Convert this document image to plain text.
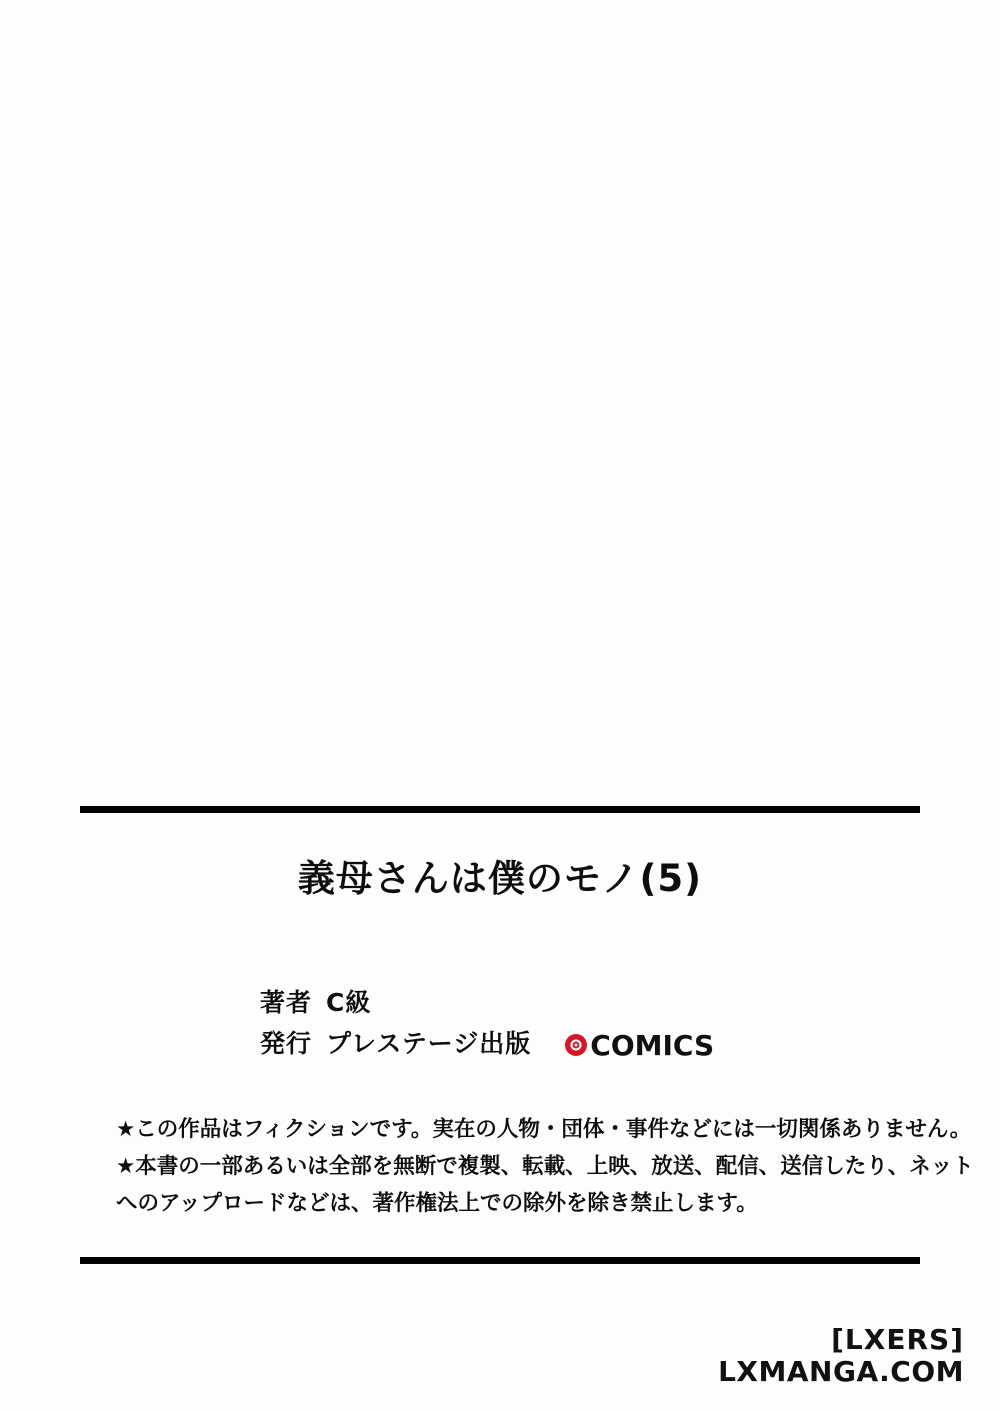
義母さんは僕のモノ(5)
著者 C級
発行 プレステージ出版 COMICS
★この作品はフィクションです。実在の人物・団体・事件などには一切関係ありません。
★本書の一部あるいは全部を無断で複製、転載、上映、放送、配信、送信したり、ネット
へのアップロードなどは、著作権法上での除外を除き禁止します。
[LXERS]
LXMANGA.COM
